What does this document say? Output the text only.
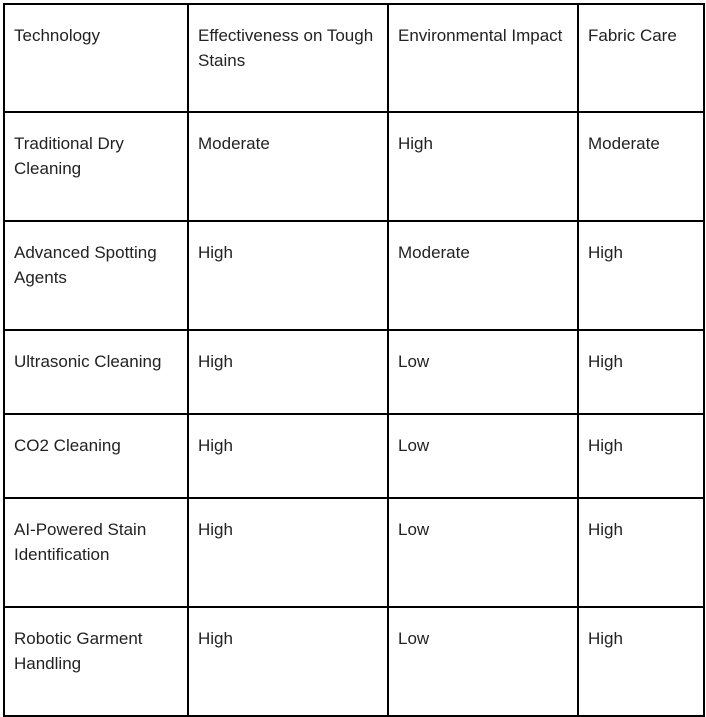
Technology	Effectiveness on Tough Stains	Environmental Impact	Fabric Care
Traditional Dry Cleaning	Moderate	High	Moderate
Advanced Spotting Agents	High	Moderate	High
Ultrasonic Cleaning	High	Low	High
CO2 Cleaning	High	Low	High
AI-Powered Stain Identification	High	Low	High
Robotic Garment Handling	High	Low	High
